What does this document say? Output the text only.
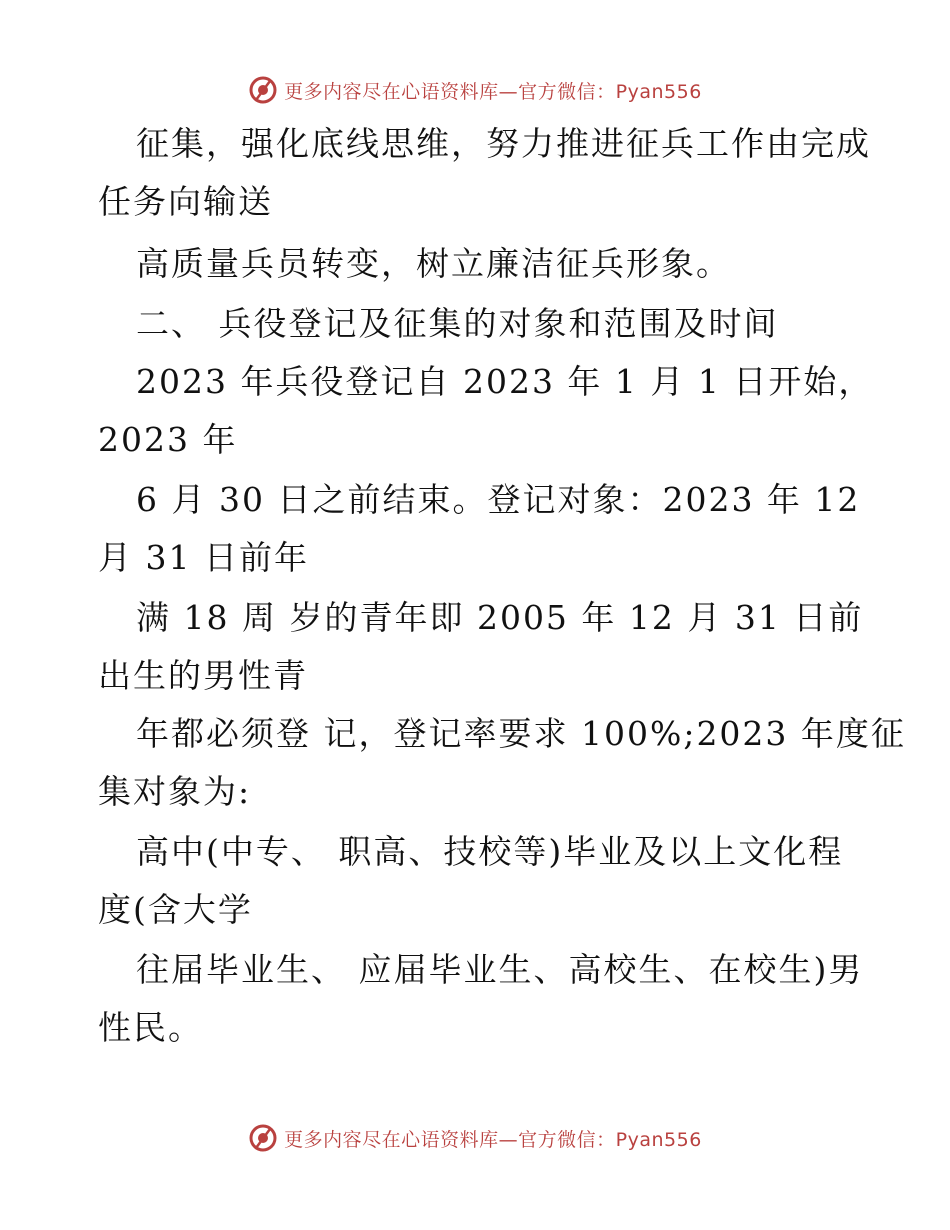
更多内容尽在心语资料库—官方微信：Pyan556
征集，强化底线思维，努力推进征兵工作由完成
任务向输送
高质量兵员转变，树立廉洁征兵形象。
二、 兵役登记及征集的对象和范围及时间
2023 年兵役登记自 2023 年 1 月 1 日开始，
2023 年
6 月 30 日之前结束。登记对象：2023 年 12
月 31 日前年
满 18 周 岁的青年即 2005 年 12 月 31 日前
出生的男性青
年都必须登 记，登记率要求 100%;2023 年度征
集对象为:
高中(中专、 职高、技校等)毕业及以上文化程
度(含大学
往届毕业生、 应届毕业生、高校生、在校生)男
性民。
更多内容尽在心语资料库—官方微信：Pyan556
